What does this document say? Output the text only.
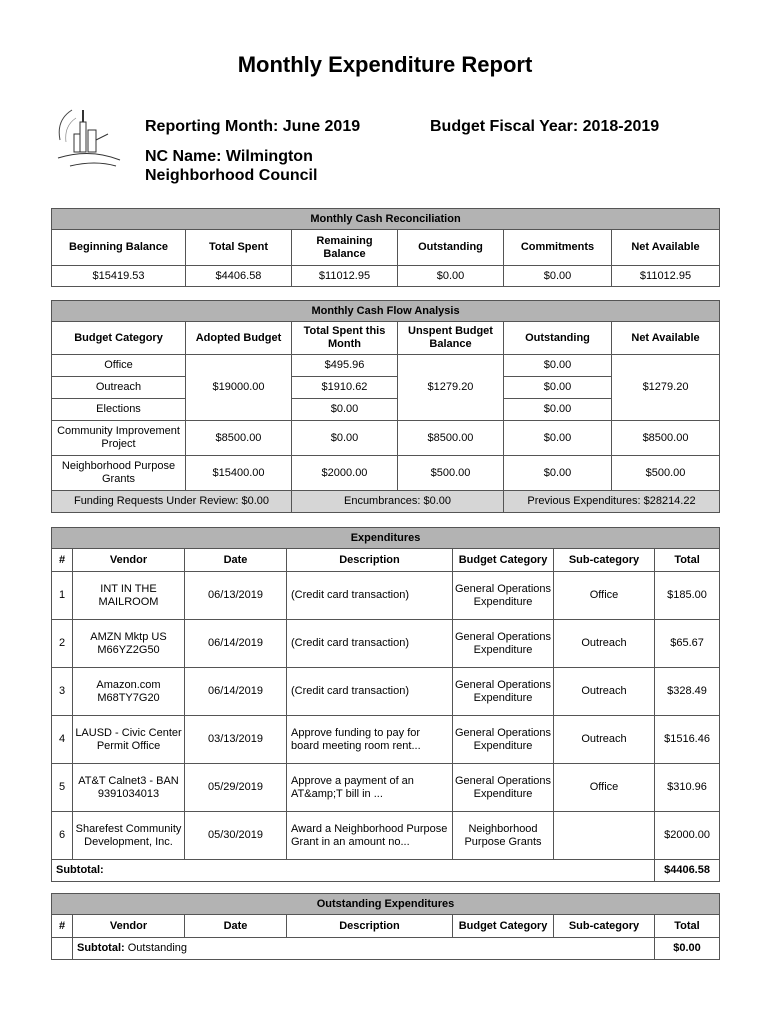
Monthly Expenditure Report
Reporting Month: June 2019	Budget Fiscal Year: 2018-2019
NC Name: Wilmington
Neighborhood Council
Monthly Cash Reconciliation					
Beginning Balance	Total Spent	Remaining Balance	Outstanding	Commitments	Net Available
$15419.53	$4406.58	$11012.95	$0.00	$0.00	$11012.95
Monthly Cash Flow Analysis					
Budget Category	Adopted Budget	Total Spent this Month	Unspent Budget Balance	Outstanding	Net Available
Office	$19000.00	$495.96	$1279.20	$0.00	$1279.20
Outreach		$1910.62		$0.00	
Elections		$0.00		$0.00	
Community Improvement Project	$8500.00	$0.00	$8500.00	$0.00	$8500.00
Neighborhood Purpose Grants	$15400.00	$2000.00	$500.00	$0.00	$500.00
Funding Requests Under Review: $0.00		Encumbrances: $0.00		Previous Expenditures: $28214.22	
Expenditures						
#	Vendor	Date	Description	Budget Category	Sub-category	Total
1	INT IN THE MAILROOM	06/13/2019	(Credit card transaction)	General Operations Expenditure	Office	$185.00
2	AMZN Mktp US M66YZ2G50	06/14/2019	(Credit card transaction)	General Operations Expenditure	Outreach	$65.67
3	Amazon.com M68TY7G20	06/14/2019	(Credit card transaction)	General Operations Expenditure	Outreach	$328.49
4	LAUSD - Civic Center Permit Office	03/13/2019	Approve funding to pay for board meeting room rent...	General Operations Expenditure	Outreach	$1516.46
5	AT&T Calnet3 - BAN 9391034013	05/29/2019	Approve a payment of an AT&amp;T bill in ...	General Operations Expenditure	Office	$310.96
6	Sharefest Community Development, Inc.	05/30/2019	Award a Neighborhood Purpose Grant in an amount no...	Neighborhood Purpose Grants		$2000.00
Subtotal:						$4406.58
Outstanding Expenditures						
#	Vendor	Date	Description	Budget Category	Sub-category	Total
	Subtotal: Outstanding					$0.00
